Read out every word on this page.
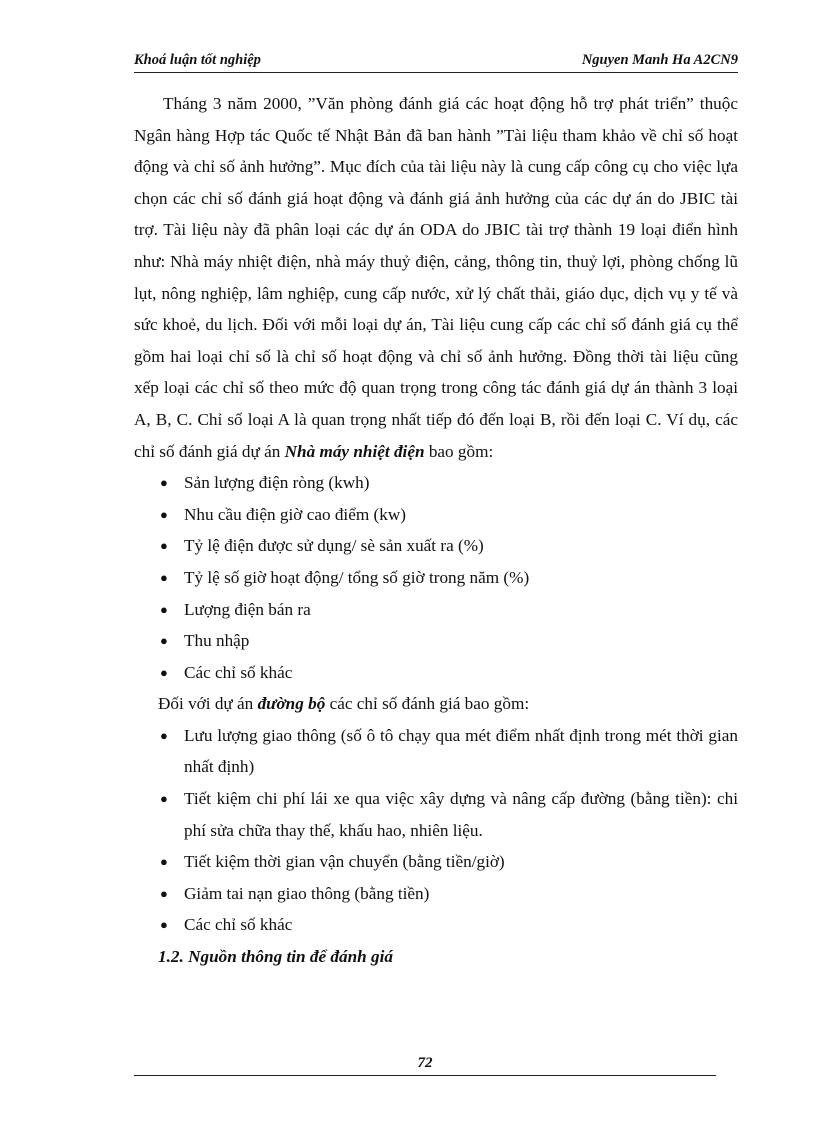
Khoá luận tốt nghiệp	Nguyen Manh Ha A2CN9

Tháng 3 năm 2000, ”Văn phòng đánh giá các hoạt động hỗ trợ phát triển” thuộc Ngân hàng Hợp tác Quốc tế Nhật Bản đã ban hành ”Tài liệu tham khảo về chỉ số hoạt động và chỉ số ảnh hưởng”. Mục đích của tài liệu này là cung cấp công cụ cho việc lựa chọn các chỉ số đánh giá hoạt động và đánh giá ảnh hưởng của các dự án do JBIC tài trợ. Tài liệu này đã phân loại các dự án ODA do JBIC tài trợ thành 19 loại điển hình như: Nhà máy nhiệt điện, nhà máy thuỷ điện, cảng, thông tin, thuỷ lợi, phòng chống lũ lụt, nông nghiệp, lâm nghiệp, cung cấp nước, xử lý chất thải, giáo dục, dịch vụ y tế và sức khoẻ, du lịch. Đối với mỗi loại dự án, Tài liệu cung cấp các chỉ số đánh giá cụ thể gồm hai loại chỉ số là chỉ số hoạt động và chỉ số ảnh hưởng. Đồng thời tài liệu cũng xếp loại các chỉ số theo mức độ quan trọng trong công tác đánh giá dự án thành 3 loại A, B, C. Chỉ số loại A là quan trọng nhất tiếp đó đến loại B, rồi đến loại C. Ví dụ, các chỉ số đánh giá dự án Nhà máy nhiệt điện bao gồm:

● Sản lượng điện ròng (kwh)
● Nhu cầu điện giờ cao điểm (kw)
● Tỷ lệ điện được sử dụng/ sè sản xuất ra (%)
● Tỷ lệ số giờ hoạt động/ tổng số giờ trong năm (%)
● Lượng điện bán ra
● Thu nhập
● Các chỉ số khác

Đối với dự án đường bộ các chỉ số đánh giá bao gồm:

● Lưu lượng giao thông (số ô tô chạy qua mét điểm nhất định trong mét thời gian nhất định)
● Tiết kiệm chi phí lái xe qua việc xây dựng và nâng cấp đường (bằng tiền): chi phí sửa chữa thay thế, khấu hao, nhiên liệu.
● Tiết kiệm thời gian vận chuyển (bằng tiền/giờ)
● Giảm tai nạn giao thông (bằng tiền)
● Các chỉ số khác

1.2. Nguồn thông tin để đánh giá

72
